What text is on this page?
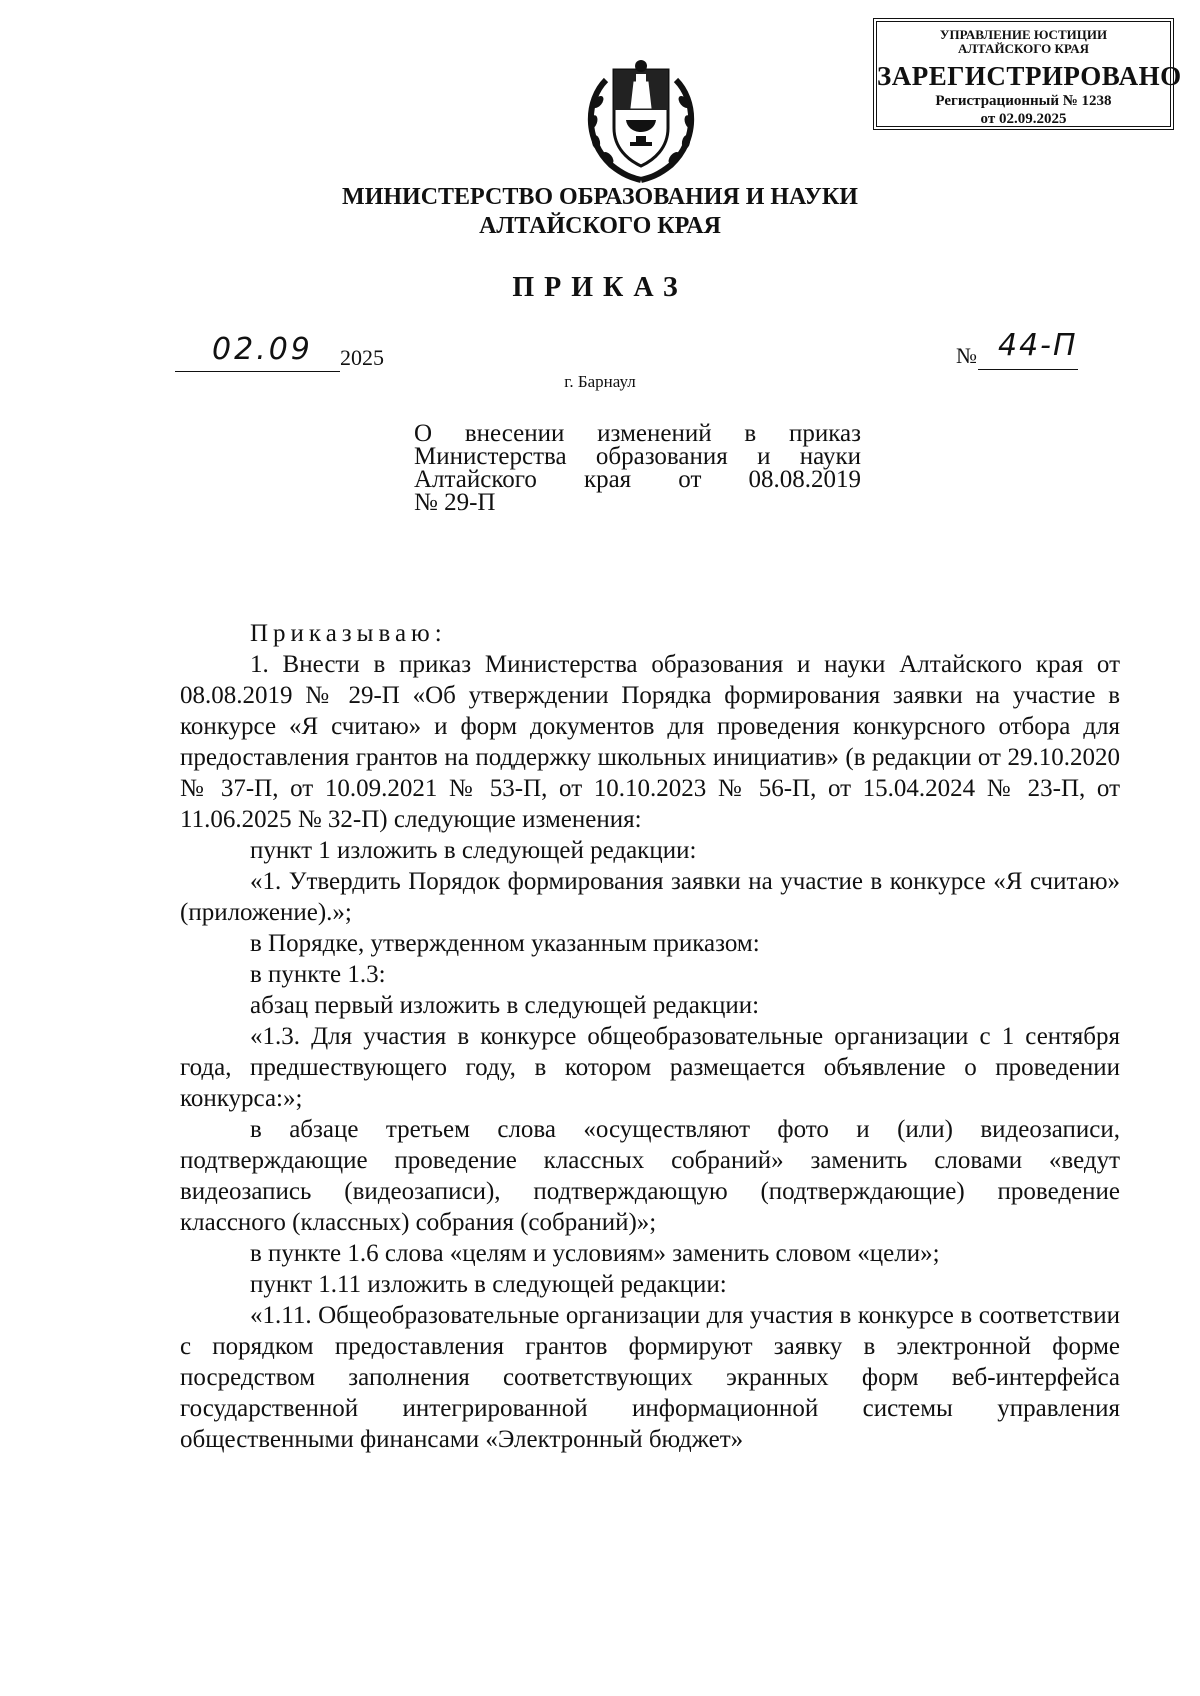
УПРАВЛЕНИЕ ЮСТИЦИИ
АЛТАЙСКОГО КРАЯ
ЗАРЕГИСТРИРОВАНО
Регистрационный № 1238
от 02.09.2025
МИНИСТЕРСТВО ОБРАЗОВАНИЯ И НАУКИ
АЛТАЙСКОГО КРАЯ
ПРИКАЗ
02.09 2025	№ 44-П
г. Барнаул
О внесении изменений в приказ
Министерства образования и науки
Алтайского края от 08.08.2019
№ 29-П

Приказываю:

1. Внести в приказ Министерства образования и науки Алтайского края от 08.08.2019 № 29-П «Об утверждении Порядка формирования заявки на участие в конкурсе «Я считаю» и форм документов для проведения конкурсного отбора для предоставления грантов на поддержку школьных инициатив» (в редакции от 29.10.2020 № 37-П, от 10.09.2021 № 53-П, от 10.10.2023 № 56-П, от 15.04.2024 № 23-П, от 11.06.2025 № 32-П) следующие изменения:

пункт 1 изложить в следующей редакции:

«1. Утвердить Порядок формирования заявки на участие в конкурсе «Я считаю» (приложение).»;

в Порядке, утвержденном указанным приказом:

в пункте 1.3:

абзац первый изложить в следующей редакции:

«1.3. Для участия в конкурсе общеобразовательные организации с 1 сентября года, предшествующего году, в котором размещается объявление о проведении конкурса:»;

в абзаце третьем слова «осуществляют фото и (или) видеозаписи, подтверждающие проведение классных собраний» заменить словами «ведут видеозапись (видеозаписи), подтверждающую (подтверждающие) проведение классного (классных) собрания (собраний)»;

в пункте 1.6 слова «целям и условиям» заменить словом «цели»;

пункт 1.11 изложить в следующей редакции:

«1.11. Общеобразовательные организации для участия в конкурсе в соответствии с порядком предоставления грантов формируют заявку в электронной форме посредством заполнения соответствующих экранных форм веб-интерфейса государственной интегрированной информационной системы управления общественными финансами «Электронный бюджет»
